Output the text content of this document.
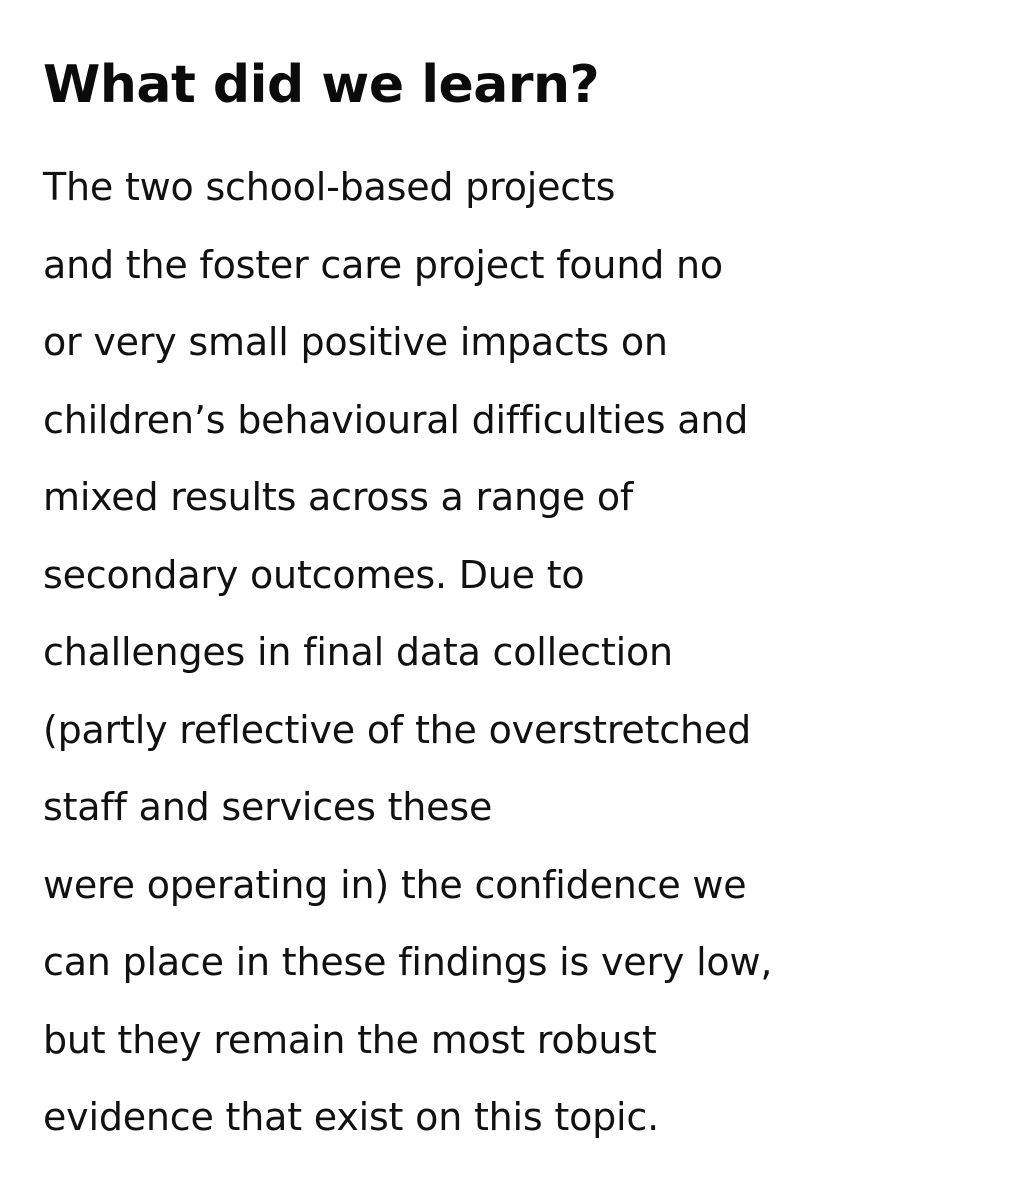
What did we learn?
The two school-based projects
and the foster care project found no
or very small positive impacts on
children’s behavioural difficulties and
mixed results across a range of
secondary outcomes. Due to
challenges in final data collection
(partly reflective of the overstretched
staff and services these
were operating in) the confidence we
can place in these findings is very low,
but they remain the most robust
evidence that exist on this topic.
